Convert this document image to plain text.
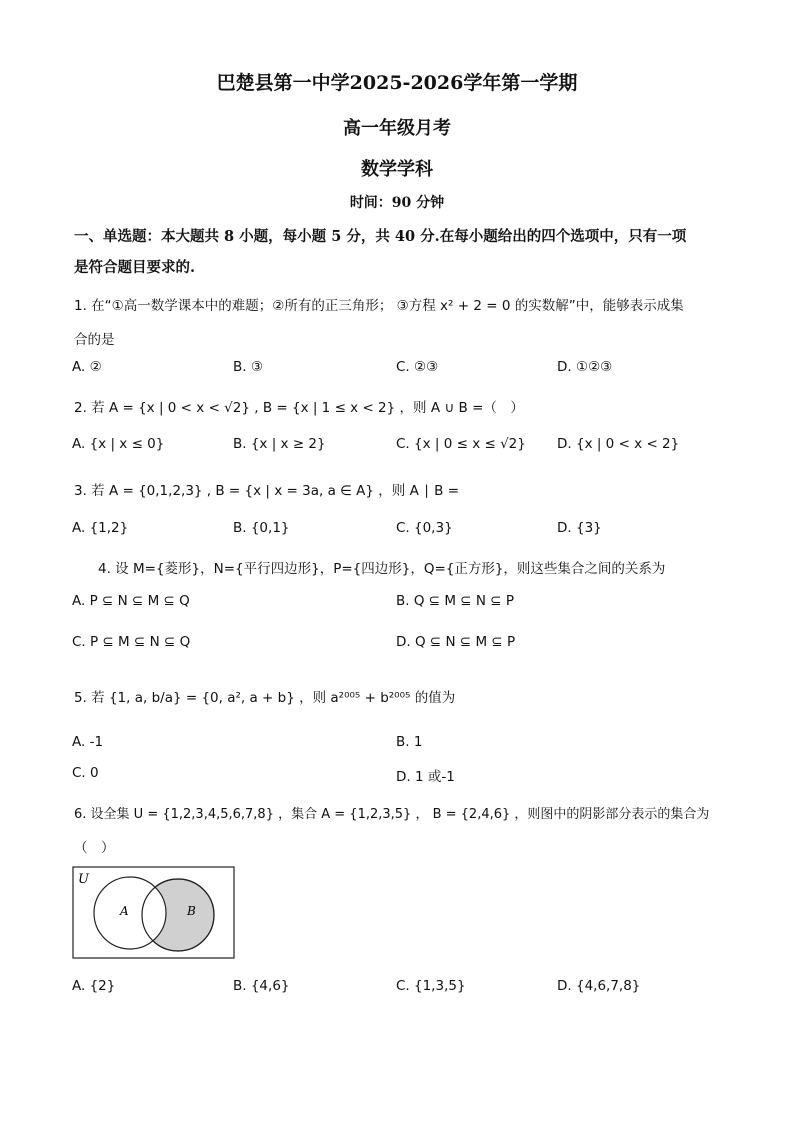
巴楚县第一中学2025-2026学年第一学期
高一年级月考
数学学科
时间：90 分钟
一、单选题：本大题共 8 小题，每小题 5 分，共 40 分.在每小题给出的四个选项中，只有一项
是符合题目要求的.
1. 在“①高一数学课本中的难题；②所有的正三角形； ③方程 x² + 2 = 0 的实数解”中，能够表示成集
合的是
A. ②	B. ③	C. ②③	D. ①②③
2. 若 A = {x | 0 < x < √2} , B = {x | 1 ≤ x < 2} ，则 A ∪ B =（　）
A. {x | x ≤ 0}	B. {x | x ≥ 2}	C. {x | 0 ≤ x ≤ √2} D. {x | 0 < x < 2}
3. 若 A = {0,1,2,3} , B = {x | x = 3a, a ∈ A} ，则 A ∣ B =
A. {1,2}	B. {0,1}	C. {0,3}	D. {3}
4. 设 M={菱形}，N={平行四边形}，P={四边形}，Q={正方形}，则这些集合之间的关系为
A. P ⊆ N ⊆ M ⊆ Q	B. Q ⊆ M ⊆ N ⊆ P
C. P ⊆ M ⊆ N ⊆ Q	D. Q ⊆ N ⊆ M ⊆ P
5. 若 {1, a, b/a} = {0, a², a + b} ，则 a²⁰⁰⁵ + b²⁰⁰⁵ 的值为
A. -1	B. 1
C. 0	D. 1 或-1
6. 设全集 U = {1,2,3,4,5,6,7,8} ，集合 A = {1,2,3,5} ， B = {2,4,6} ，则图中的阴影部分表示的集合为
（　）
U
A	B
A. {2}	B. {4,6}	C. {1,3,5}	D. {4,6,7,8}
